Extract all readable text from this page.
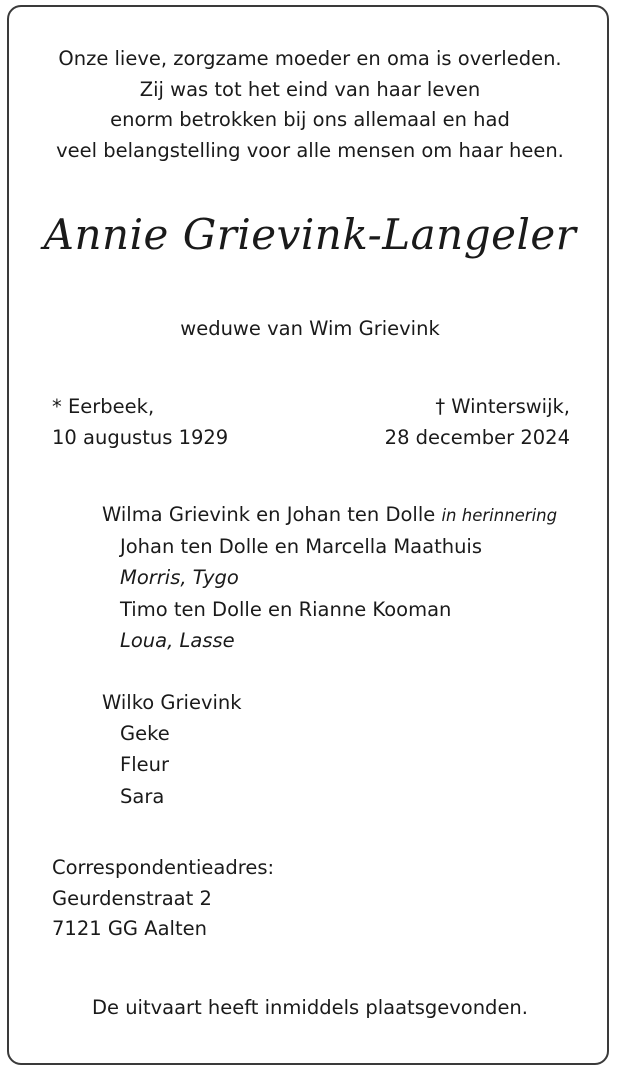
Onze lieve, zorgzame moeder en oma is overleden.
Zij was tot het eind van haar leven
enorm betrokken bij ons allemaal en had
veel belangstelling voor alle mensen om haar heen.
Annie Grievink-Langeler
weduwe van Wim Grievink
* Eerbeek,
10 augustus 1929
† Winterswijk,
28 december 2024
Wilma Grievink en Johan ten Dolle in herinnering
Johan ten Dolle en Marcella Maathuis
Morris, Tygo
Timo ten Dolle en Rianne Kooman
Loua, Lasse
Wilko Grievink
Geke
Fleur
Sara
Correspondentieadres:
Geurdenstraat 2
7121 GG Aalten
De uitvaart heeft inmiddels plaatsgevonden.
